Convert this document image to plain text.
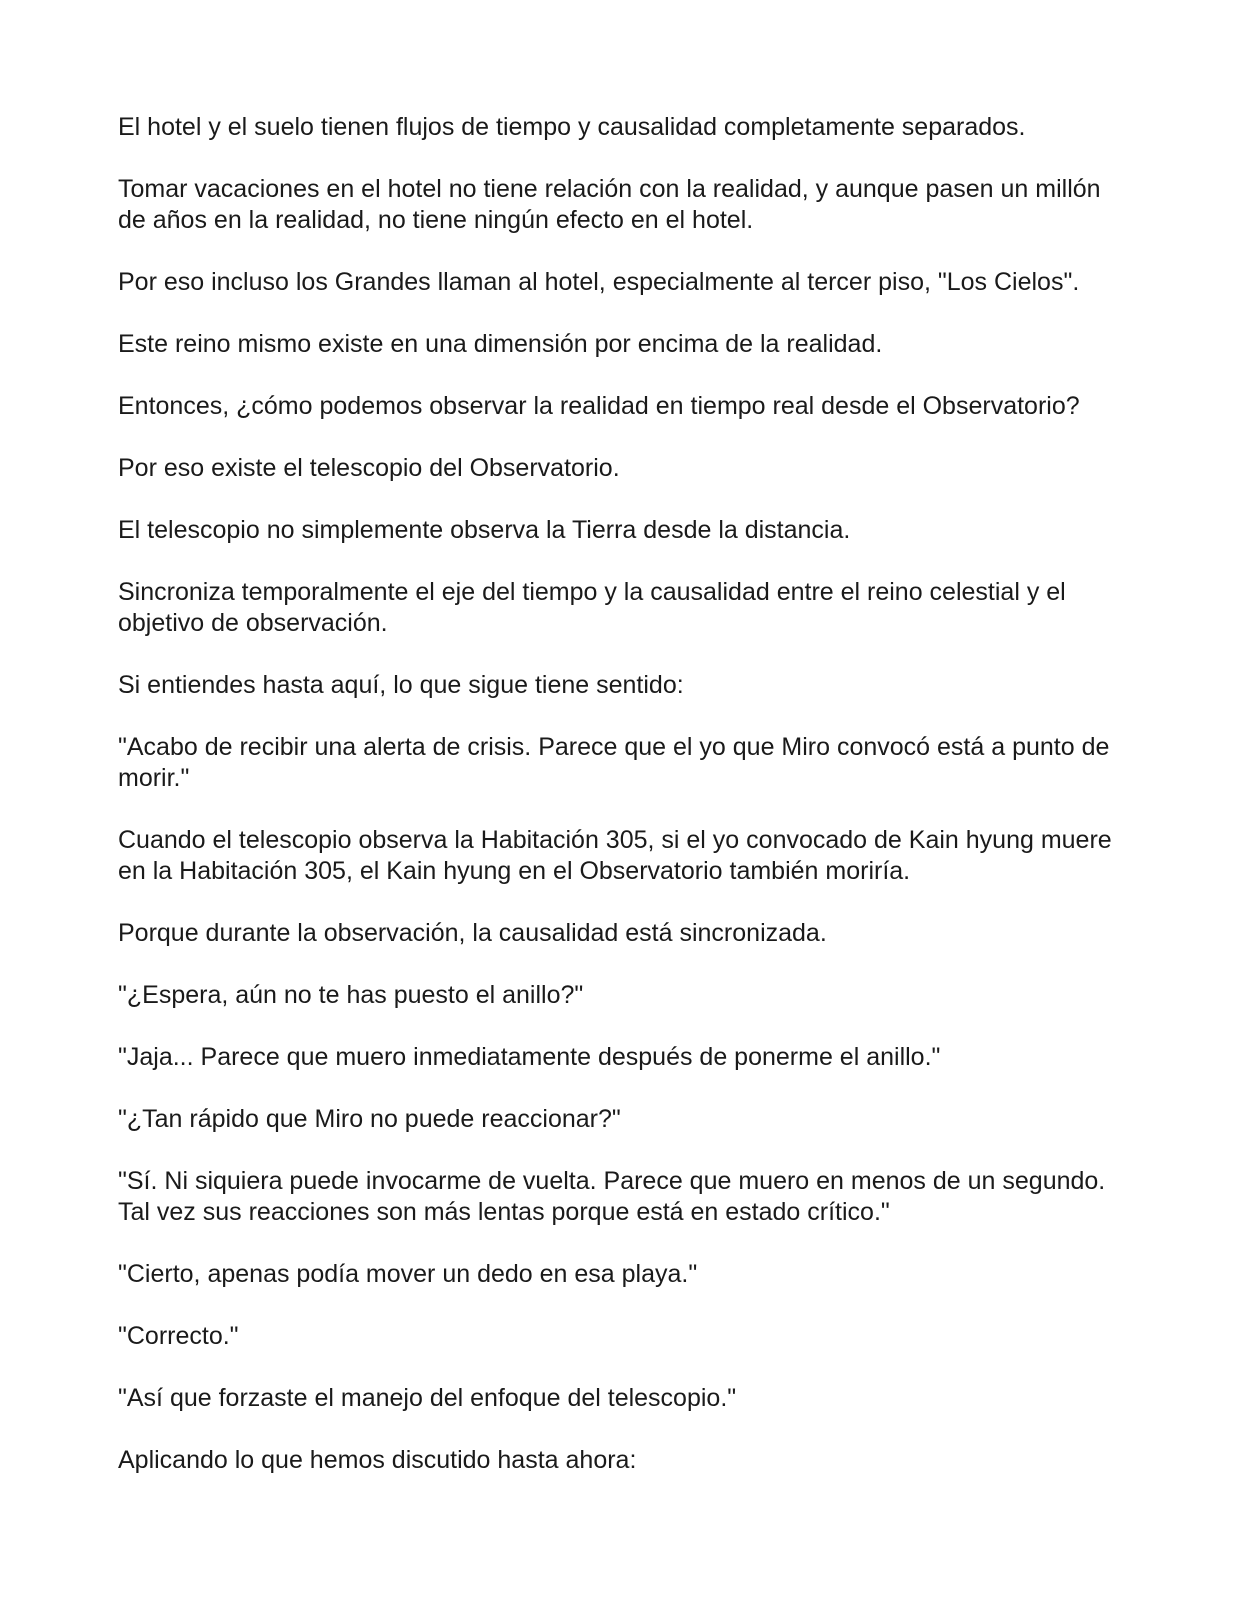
El hotel y el suelo tienen flujos de tiempo y causalidad completamente separados.

Tomar vacaciones en el hotel no tiene relación con la realidad, y aunque pasen un millón de años en la realidad, no tiene ningún efecto en el hotel.

Por eso incluso los Grandes llaman al hotel, especialmente al tercer piso, "Los Cielos".

Este reino mismo existe en una dimensión por encima de la realidad.

Entonces, ¿cómo podemos observar la realidad en tiempo real desde el Observatorio?

Por eso existe el telescopio del Observatorio.

El telescopio no simplemente observa la Tierra desde la distancia.

Sincroniza temporalmente el eje del tiempo y la causalidad entre el reino celestial y el objetivo de observación.

Si entiendes hasta aquí, lo que sigue tiene sentido:

"Acabo de recibir una alerta de crisis. Parece que el yo que Miro convocó está a punto de morir."

Cuando el telescopio observa la Habitación 305, si el yo convocado de Kain hyung muere en la Habitación 305, el Kain hyung en el Observatorio también moriría.

Porque durante la observación, la causalidad está sincronizada.

"¿Espera, aún no te has puesto el anillo?"

"Jaja... Parece que muero inmediatamente después de ponerme el anillo."

"¿Tan rápido que Miro no puede reaccionar?"

"Sí. Ni siquiera puede invocarme de vuelta. Parece que muero en menos de un segundo. Tal vez sus reacciones son más lentas porque está en estado crítico."

"Cierto, apenas podía mover un dedo en esa playa."

"Correcto."

"Así que forzaste el manejo del enfoque del telescopio."

Aplicando lo que hemos discutido hasta ahora:
